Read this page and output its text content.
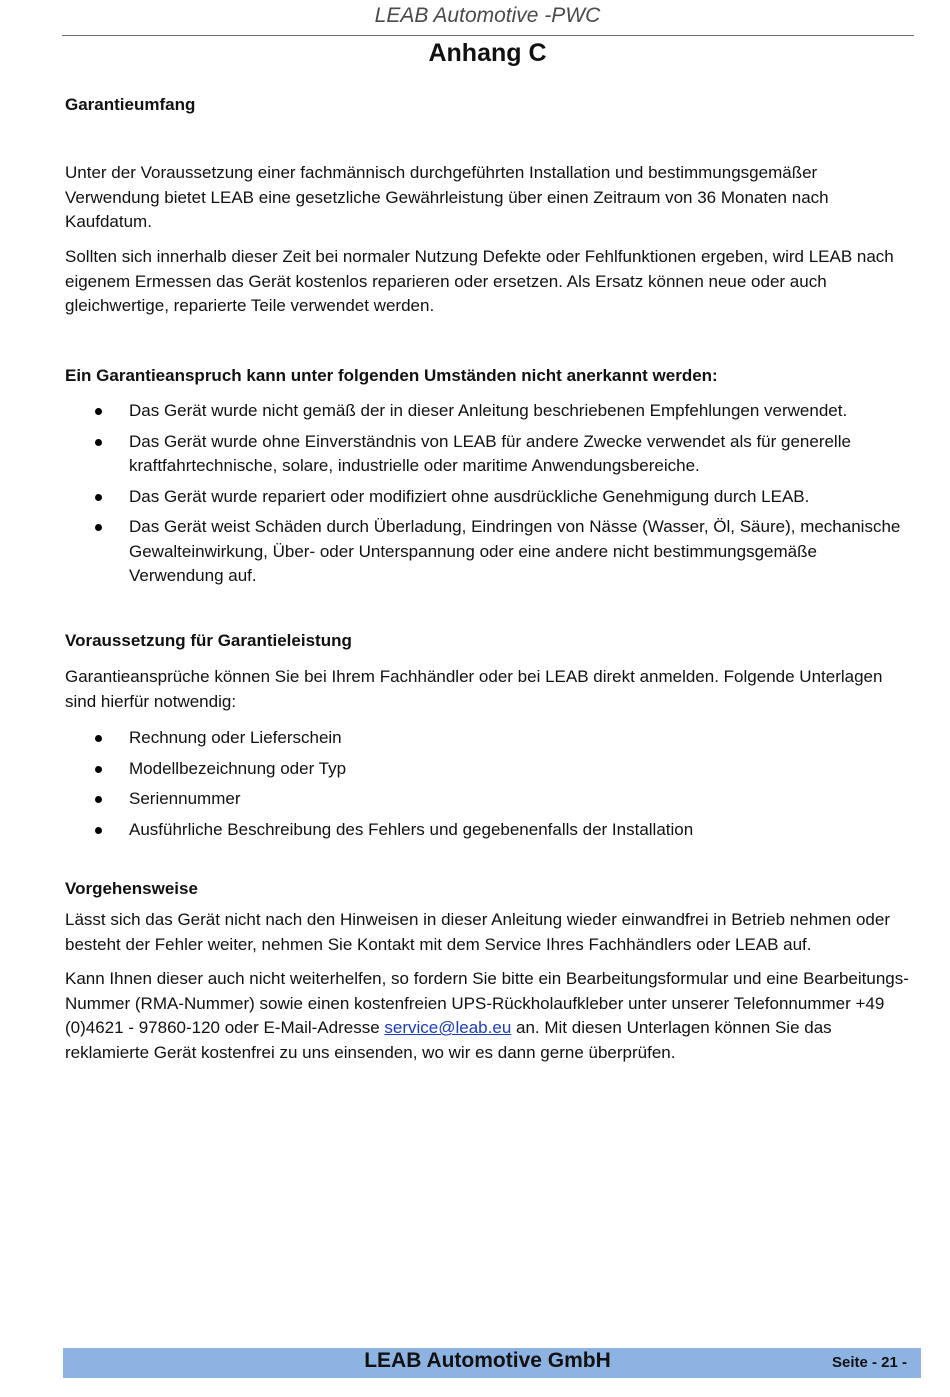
LEAB Automotive -PWC
Anhang C
Garantieumfang
Unter der Voraussetzung einer fachmännisch durchgeführten Installation und bestimmungsgemäßer Verwendung bietet LEAB eine gesetzliche Gewährleistung über einen Zeitraum von 36 Monaten nach Kaufdatum.
Sollten sich innerhalb dieser Zeit bei normaler Nutzung Defekte oder Fehlfunktionen ergeben, wird LEAB nach eigenem Ermessen das Gerät kostenlos reparieren oder ersetzen. Als Ersatz können neue oder auch gleichwertige, reparierte Teile verwendet werden.
Ein Garantieanspruch kann unter folgenden Umständen nicht anerkannt werden:
Das Gerät wurde nicht gemäß der in dieser Anleitung beschriebenen Empfehlungen verwendet.
Das Gerät wurde ohne Einverständnis von LEAB für andere Zwecke verwendet als für generelle kraftfahrtechnische, solare, industrielle oder maritime Anwendungsbereiche.
Das Gerät wurde repariert oder modifiziert ohne ausdrückliche Genehmigung durch LEAB.
Das Gerät weist Schäden durch Überladung, Eindringen von Nässe (Wasser, Öl, Säure), mechanische Gewalteinwirkung, Über- oder Unterspannung oder eine andere nicht bestimmungsgemäße Verwendung auf.
Voraussetzung für Garantieleistung
Garantieansprüche können Sie bei Ihrem Fachhändler oder bei LEAB direkt anmelden. Folgende Unterlagen sind hierfür notwendig:
Rechnung oder Lieferschein
Modellbezeichnung oder Typ
Seriennummer
Ausführliche Beschreibung des Fehlers und gegebenenfalls der Installation
Vorgehensweise
Lässt sich das Gerät nicht nach den Hinweisen in dieser Anleitung wieder einwandfrei in Betrieb nehmen oder besteht der Fehler weiter, nehmen Sie Kontakt mit dem Service Ihres Fachhändlers oder LEAB auf.
Kann Ihnen dieser auch nicht weiterhelfen, so fordern Sie bitte ein Bearbeitungsformular und eine Bearbeitungs-Nummer (RMA-Nummer) sowie einen kostenfreien UPS-Rückholaufkleber unter unserer Telefonnummer +49 (0)4621 - 97860-120 oder E-Mail-Adresse service@leab.eu an. Mit diesen Unterlagen können Sie das reklamierte Gerät kostenfrei zu uns einsenden, wo wir es dann gerne überprüfen.
LEAB Automotive GmbH	Seite - 21 -
